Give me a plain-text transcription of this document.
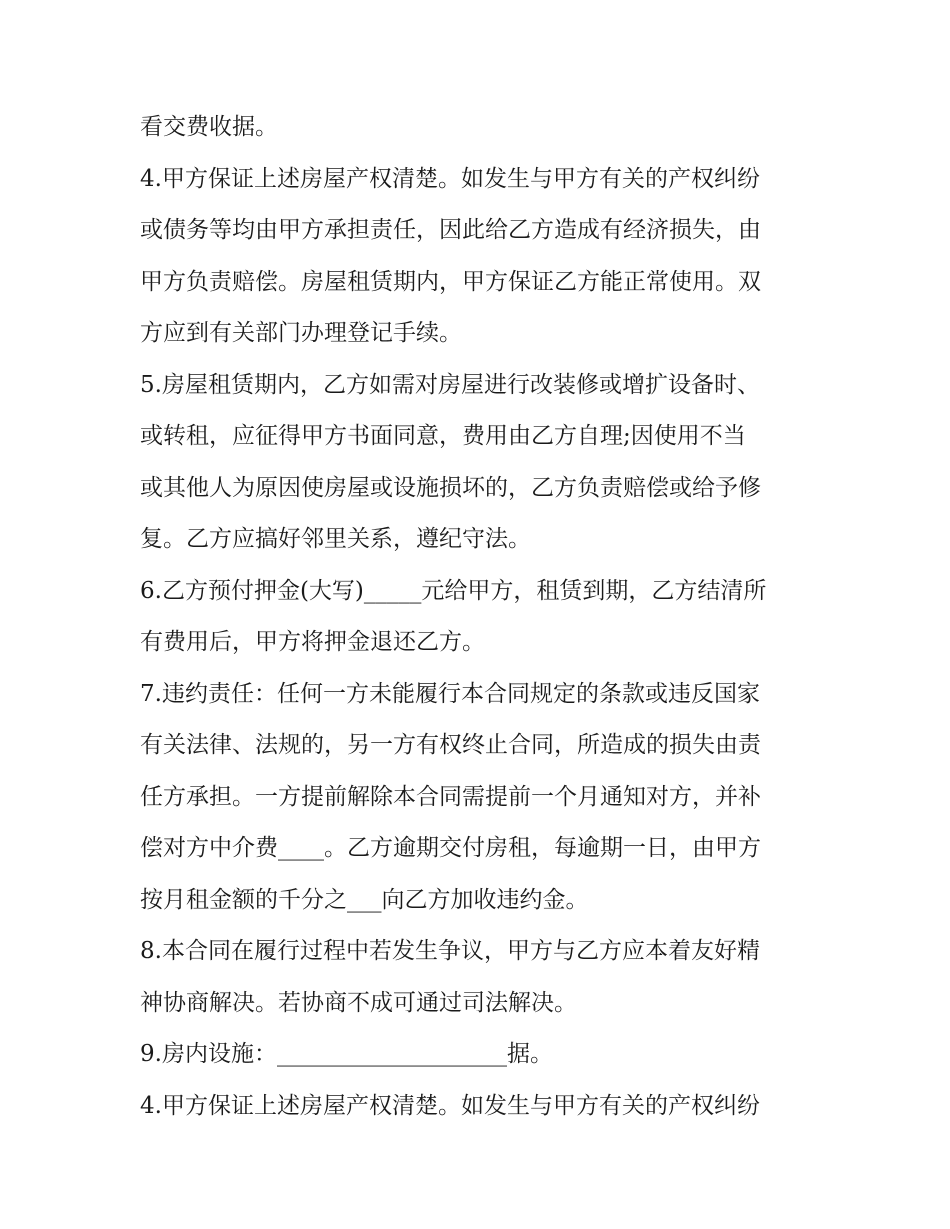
看交费收据。
4.甲方保证上述房屋产权清楚。如发生与甲方有关的产权纠纷
或债务等均由甲方承担责任，因此给乙方造成有经济损失，由
甲方负责赔偿。房屋租赁期内，甲方保证乙方能正常使用。双
方应到有关部门办理登记手续。
5.房屋租赁期内，乙方如需对房屋进行改装修或增扩设备时、
或转租，应征得甲方书面同意，费用由乙方自理;因使用不当
或其他人为原因使房屋或设施损坏的，乙方负责赔偿或给予修
复。乙方应搞好邻里关系，遵纪守法。
6.乙方预付押金(大写)_____元给甲方，租赁到期，乙方结清所
有费用后，甲方将押金退还乙方。
7.违约责任：任何一方未能履行本合同规定的条款或违反国家
有关法律、法规的，另一方有权终止合同，所造成的损失由责
任方承担。一方提前解除本合同需提前一个月通知对方，并补
偿对方中介费____。乙方逾期交付房租，每逾期一日，由甲方
按月租金额的千分之___向乙方加收违约金。
8.本合同在履行过程中若发生争议，甲方与乙方应本着友好精
神协商解决。若协商不成可通过司法解决。
9.房内设施：____________________据。
4.甲方保证上述房屋产权清楚。如发生与甲方有关的产权纠纷
